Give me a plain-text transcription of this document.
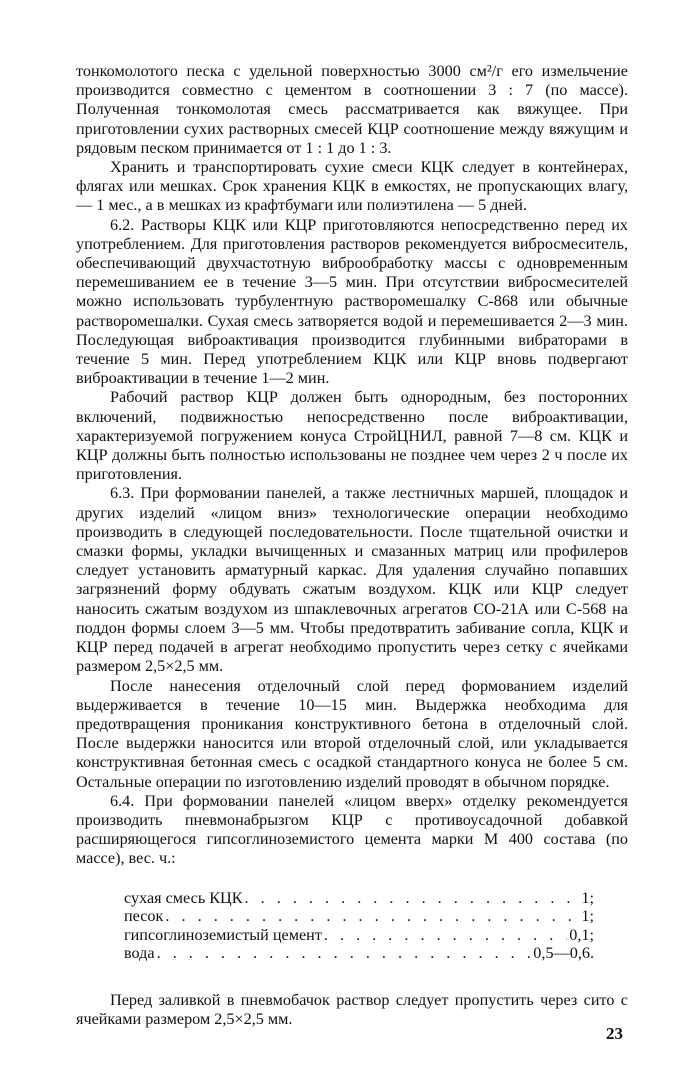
тонкомолотого песка с удельной поверхностью 3000 см²/г его измельчение производится совместно с цементом в соотношении 3 : 7 (по массе). Полученная тонкомолотая смесь рассматривается как вяжущее. При приготовлении сухих растворных смесей КЦР соотношение между вяжущим и рядовым песком принимается от 1 : 1 до 1 : 3.

Хранить и транспортировать сухие смеси КЦК следует в контейнерах, флягах или мешках. Срок хранения КЦК в емкостях, не пропускающих влагу, — 1 мес., а в мешках из крафтбумаги или полиэтилена — 5 дней.

6.2. Растворы КЦК или КЦР приготовляются непосредственно перед их употреблением. Для приготовления растворов рекомендуется вибросмеситель, обеспечивающий двухчастотную виброобработку массы с одновременным перемешиванием ее в течение 3—5 мин. При отсутствии вибросмесителей можно использовать турбулентную растворомешалку С-868 или обычные растворомешалки. Сухая смесь затворяется водой и перемешивается 2—3 мин. Последующая виброактивация производится глубинными вибраторами в течение 5 мин. Перед употреблением КЦК или КЦР вновь подвергают виброактивации в течение 1—2 мин.

Рабочий раствор КЦР должен быть однородным, без посторонних включений, подвижностью непосредственно после виброактивации, характеризуемой погружением конуса СтройЦНИЛ, равной 7—8 см. КЦК и КЦР должны быть полностью использованы не позднее чем через 2 ч после их приготовления.

6.3. При формовании панелей, а также лестничных маршей, площадок и других изделий «лицом вниз» технологические операции необходимо производить в следующей последовательности. После тщательной очистки и смазки формы, укладки вычищенных и смазанных матриц или профилеров следует установить арматурный каркас. Для удаления случайно попавших загрязнений форму обдувать сжатым воздухом. КЦК или КЦР следует наносить сжатым воздухом из шпаклевочных агрегатов СО-21А или С-568 на поддон формы слоем 3—5 мм. Чтобы предотвратить забивание сопла, КЦК и КЦР перед подачей в агрегат необходимо пропустить через сетку с ячейками размером 2,5×2,5 мм.

После нанесения отделочный слой перед формованием изделий выдерживается в течение 10—15 мин. Выдержка необходима для предотвращения проникания конструктивного бетона в отделочный слой. После выдержки наносится или второй отделочный слой, или укладывается конструктивная бетонная смесь с осадкой стандартного конуса не более 5 см. Остальные операции по изготовлению изделий проводят в обычном порядке.

6.4. При формовании панелей «лицом вверх» отделку рекомендуется производить пневмонабрызгом КЦР с противоусадочной добавкой расширяющегося гипсоглиноземистого цемента марки М 400 состава (по массе), вес. ч.:

сухая смесь КЦК . . .	1;
песок . . .	1;
гипсоглиноземистый цемент . . .	0,1;
вода . . .	0,5—0,6.

Перед заливкой в пневмобачок раствор следует пропустить через сито с ячейками размером 2,5×2,5 мм.

23
